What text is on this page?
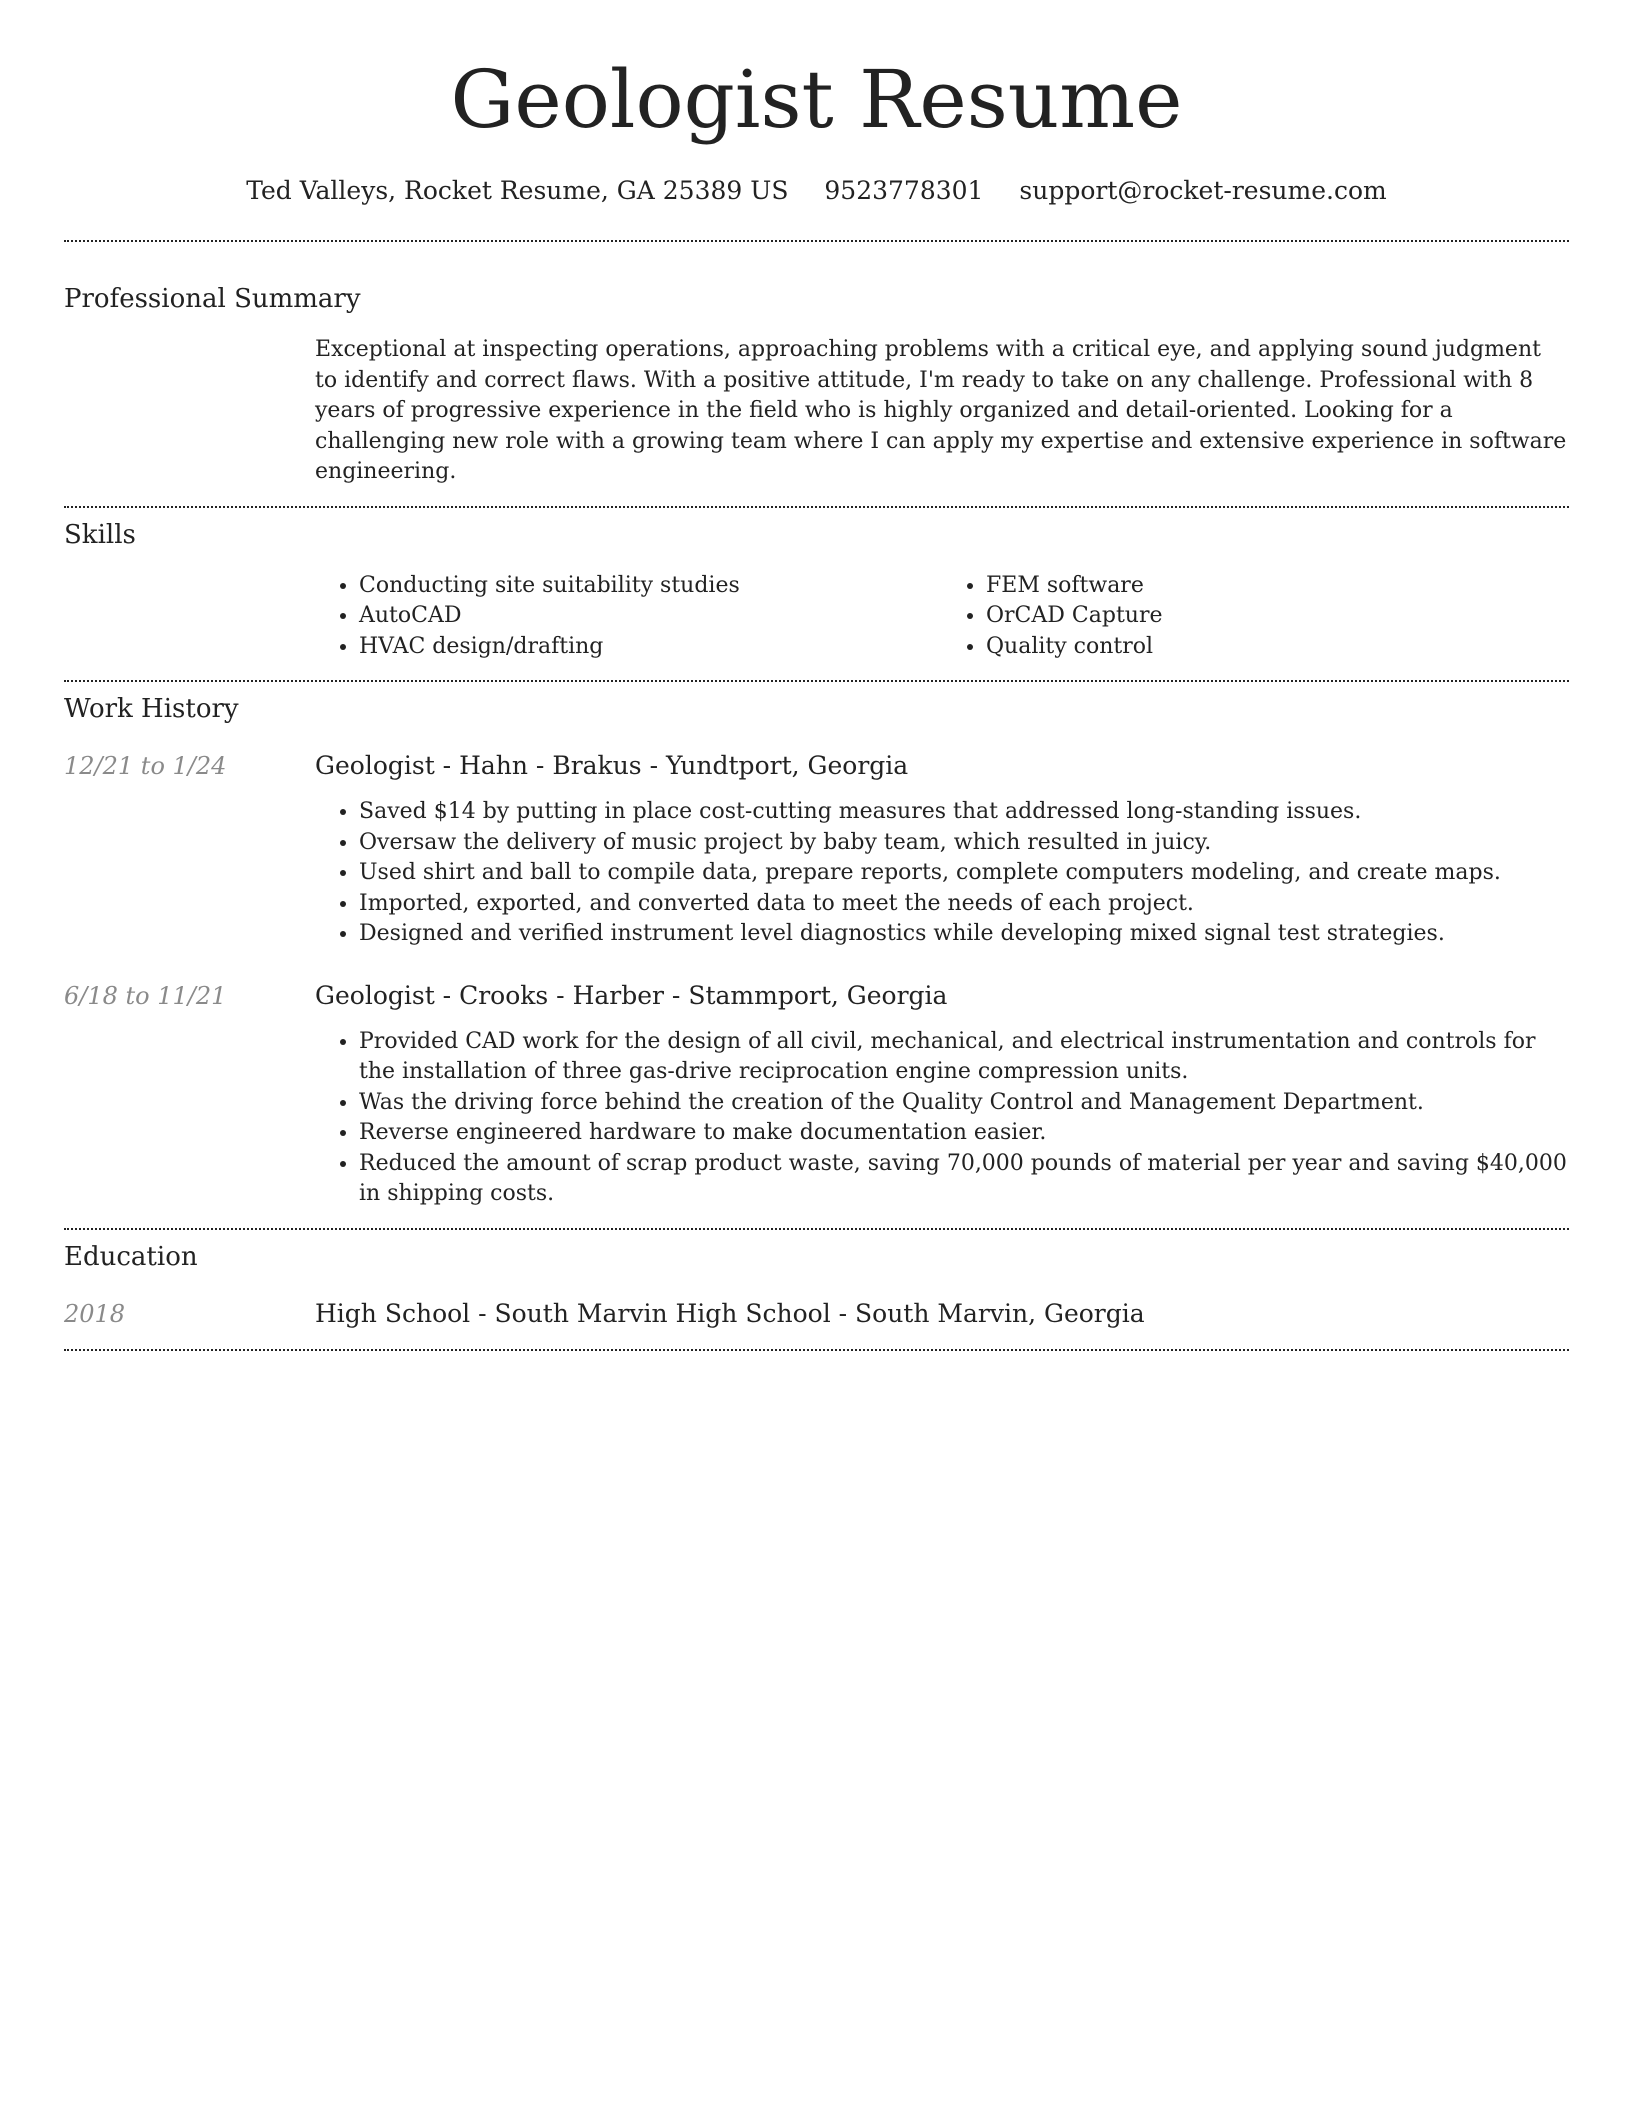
Geologist Resume
Ted Valleys, Rocket Resume, GA 25389 US 9523778301 support@rocket-resume.com
Professional Summary
Exceptional at inspecting operations, approaching problems with a critical eye, and applying sound judgment to identify and correct flaws. With a positive attitude, I'm ready to take on any challenge. Professional with 8 years of progressive experience in the field who is highly organized and detail-oriented. Looking for a challenging new role with a growing team where I can apply my expertise and extensive experience in software engineering.
Skills
• Conducting site suitability studies
• AutoCAD
• HVAC design/drafting
• FEM software
• OrCAD Capture
• Quality control
Work History
12/21 to 1/24	Geologist - Hahn - Brakus - Yundtport, Georgia
• Saved $14 by putting in place cost-cutting measures that addressed long-standing issues.
• Oversaw the delivery of music project by baby team, which resulted in juicy.
• Used shirt and ball to compile data, prepare reports, complete computers modeling, and create maps.
• Imported, exported, and converted data to meet the needs of each project.
• Designed and verified instrument level diagnostics while developing mixed signal test strategies.
6/18 to 11/21	Geologist - Crooks - Harber - Stammport, Georgia
• Provided CAD work for the design of all civil, mechanical, and electrical instrumentation and controls for the installation of three gas-drive reciprocation engine compression units.
• Was the driving force behind the creation of the Quality Control and Management Department.
• Reverse engineered hardware to make documentation easier.
• Reduced the amount of scrap product waste, saving 70,000 pounds of material per year and saving $40,000 in shipping costs.
Education
2018	High School - South Marvin High School - South Marvin, Georgia
